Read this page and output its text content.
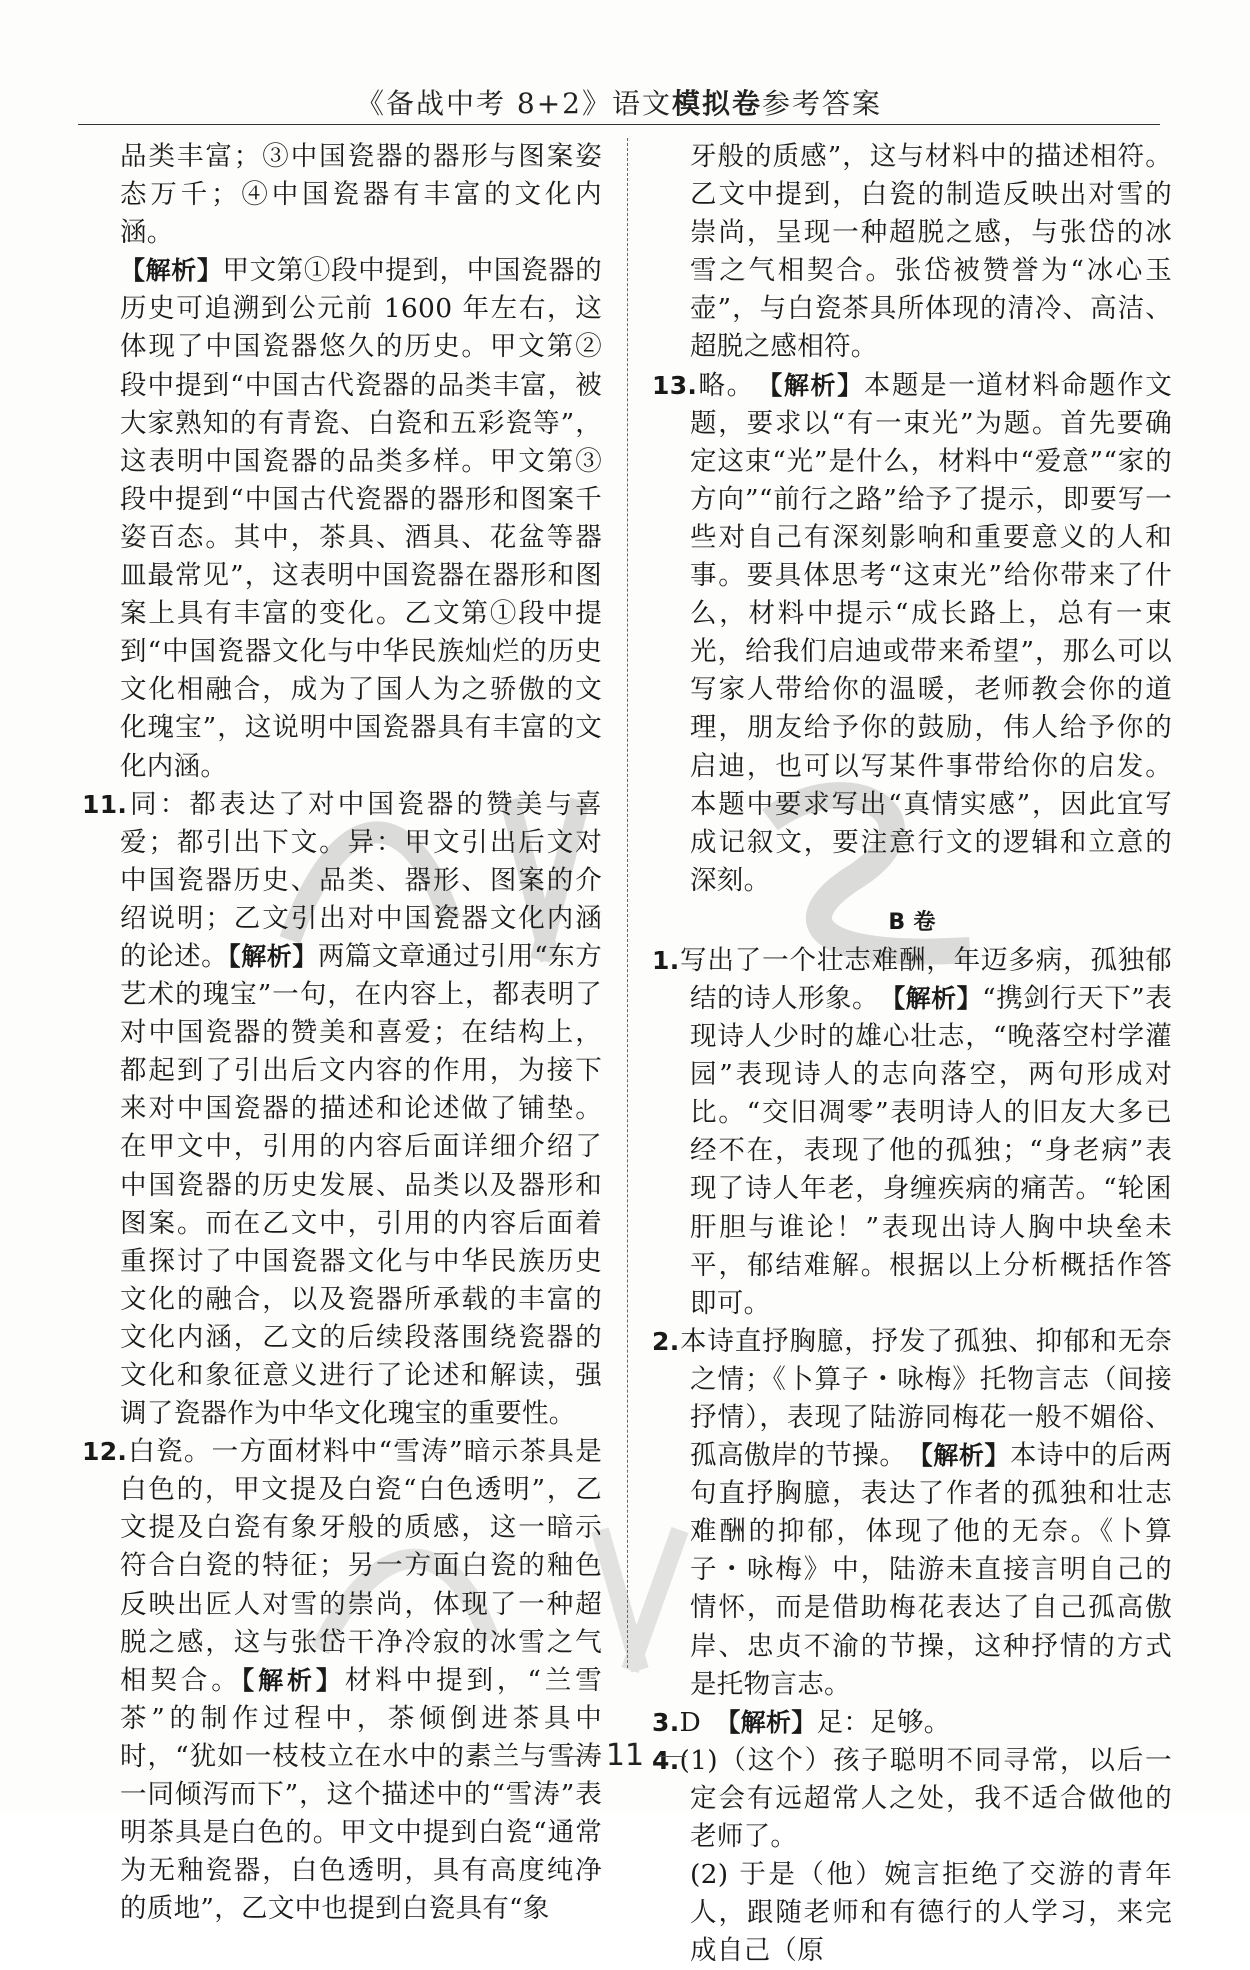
《备战中考 8+2》语文模拟卷参考答案

品类丰富；③中国瓷器的器形与图案姿态万千；④中国瓷器有丰富的文化内涵。

【解析】甲文第①段中提到，中国瓷器的历史可追溯到公元前 1600 年左右，这体现了中国瓷器悠久的历史。甲文第②段中提到“中国古代瓷器的品类丰富，被大家熟知的有青瓷、白瓷和五彩瓷等”，这表明中国瓷器的品类多样。甲文第③段中提到“中国古代瓷器的器形和图案千姿百态。其中，茶具、酒具、花盆等器皿最常见”，这表明中国瓷器在器形和图案上具有丰富的变化。乙文第①段中提到“中国瓷器文化与中华民族灿烂的历史文化相融合，成为了国人为之骄傲的文化瑰宝”，这说明中国瓷器具有丰富的文化内涵。

11.同：都表达了对中国瓷器的赞美与喜爱；都引出下文。异：甲文引出后文对中国瓷器历史、品类、器形、图案的介绍说明；乙文引出对中国瓷器文化内涵的论述。【解析】两篇文章通过引用“东方艺术的瑰宝”一句，在内容上，都表明了对中国瓷器的赞美和喜爱；在结构上，都起到了引出后文内容的作用，为接下来对中国瓷器的描述和论述做了铺垫。在甲文中，引用的内容后面详细介绍了中国瓷器的历史发展、品类以及器形和图案。而在乙文中，引用的内容后面着重探讨了中国瓷器文化与中华民族历史文化的融合，以及瓷器所承载的丰富的文化内涵，乙文的后续段落围绕瓷器的文化和象征意义进行了论述和解读，强调了瓷器作为中华文化瑰宝的重要性。

12.白瓷。一方面材料中“雪涛”暗示茶具是白色的，甲文提及白瓷“白色透明”，乙文提及白瓷有象牙般的质感，这一暗示符合白瓷的特征；另一方面白瓷的釉色反映出匠人对雪的崇尚，体现了一种超脱之感，这与张岱干净冷寂的冰雪之气相契合。【解析】材料中提到，“兰雪茶”的制作过程中，茶倾倒进茶具中时，“犹如一枝枝立在水中的素兰与雪涛一同倾泻而下”，这个描述中的“雪涛”表明茶具是白色的。甲文中提到白瓷“通常为无釉瓷器，白色透明，具有高度纯净的质地”，乙文中也提到白瓷具有“象

牙般的质感”，这与材料中的描述相符。乙文中提到，白瓷的制造反映出对雪的崇尚，呈现一种超脱之感，与张岱的冰雪之气相契合。张岱被赞誉为“冰心玉壶”，与白瓷茶具所体现的清冷、高洁、超脱之感相符。

13.略。　【解析】本题是一道材料命题作文题，要求以“有一束光”为题。首先要确定这束“光”是什么，材料中“爱意”“家的方向”“前行之路”给予了提示，即要写一些对自己有深刻影响和重要意义的人和事。要具体思考“这束光”给你带来了什么，材料中提示“成长路上，总有一束光，给我们启迪或带来希望”，那么可以写家人带给你的温暖，老师教会你的道理，朋友给予你的鼓励，伟人给予你的启迪，也可以写某件事带给你的启发。本题中要求写出“真情实感”，因此宜写成记叙文，要注意行文的逻辑和立意的深刻。

B 卷

1.写出了一个壮志难酬，年迈多病，孤独郁结的诗人形象。　【解析】“携剑行天下”表现诗人少时的雄心壮志，“晚落空村学灌园”表现诗人的志向落空，两句形成对比。“交旧凋零”表明诗人的旧友大多已经不在，表现了他的孤独；“身老病”表现了诗人年老，身缠疾病的痛苦。“轮囷肝胆与谁论！”表现出诗人胸中块垒未平，郁结难解。根据以上分析概括作答即可。

2.本诗直抒胸臆，抒发了孤独、抑郁和无奈之情；《卜算子・咏梅》托物言志（间接抒情），表现了陆游同梅花一般不媚俗、孤高傲岸的节操。　【解析】本诗中的后两句直抒胸臆，表达了作者的孤独和壮志难酬的抑郁，体现了他的无奈。《卜算子・咏梅》中，陆游未直接言明自己的情怀，而是借助梅花表达了自己孤高傲岸、忠贞不渝的节操，这种抒情的方式是托物言志。

3.D　【解析】足：足够。

4.(1)（这个）孩子聪明不同寻常，以后一定会有远超常人之处，我不适合做他的老师了。

(2) 于是（他）婉言拒绝了交游的青年人，跟随老师和有德行的人学习，来完成自己（原

11
